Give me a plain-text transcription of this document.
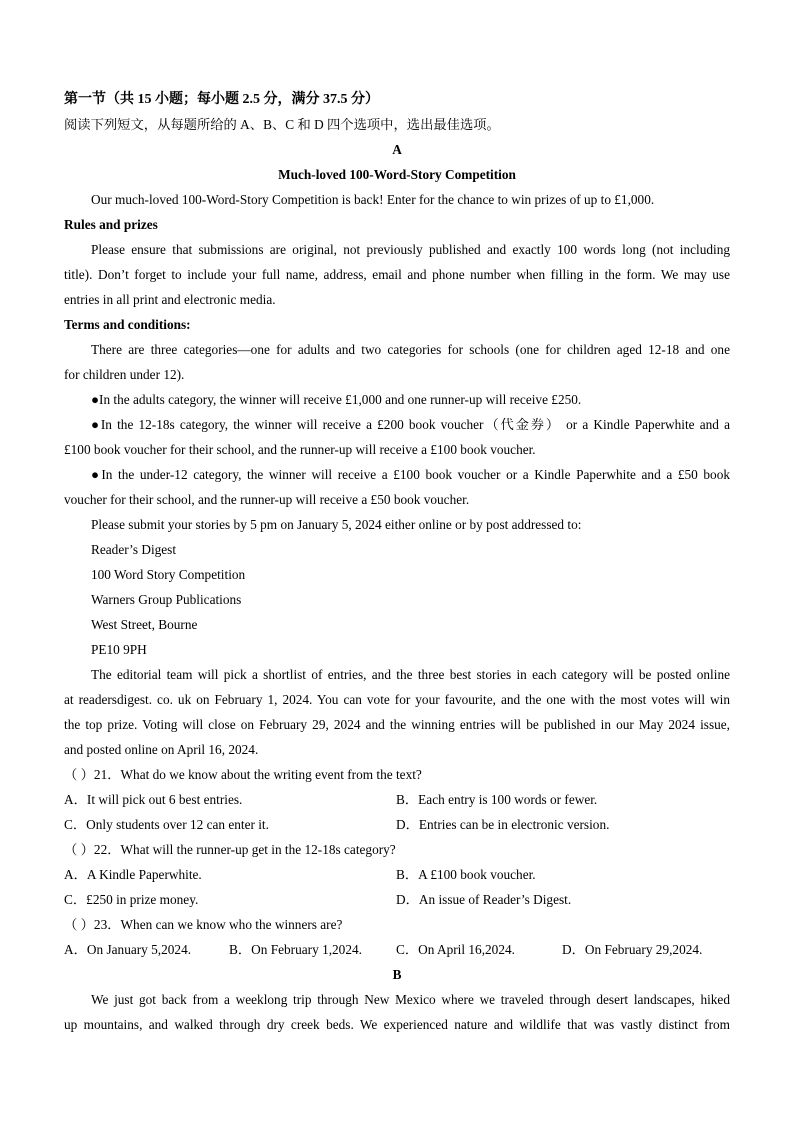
第一节（共 15 小题；每小题 2.5 分，满分 37.5 分）
阅读下列短文，从每题所给的 A、B、C 和 D 四个选项中，选出最佳选项。
A
Much-loved 100-Word-Story Competition
Our much-loved 100-Word-Story Competition is back! Enter for the chance to win prizes of up to £1,000.
Rules and prizes
Please ensure that submissions are original, not previously published and exactly 100 words long (not including
title). Don’t forget to include your full name, address, email and phone number when filling in the form. We may use
entries in all print and electronic media.
Terms and conditions:
There are three categories—one for adults and two categories for schools (one for children aged 12-18 and one
for children under 12).
●In the adults category, the winner will receive £1,000 and one runner-up will receive £250.
●In the 12-18s category, the winner will receive a £200 book voucher（代金券） or a Kindle Paperwhite and a
£100 book voucher for their school, and the runner-up will receive a £100 book voucher.
●In the under-12 category, the winner will receive a £100 book voucher or a Kindle Paperwhite and a £50 book
voucher for their school, and the runner-up will receive a £50 book voucher.
Please submit your stories by 5 pm on January 5, 2024 either online or by post addressed to:
Reader’s Digest
100 Word Story Competition
Warners Group Publications
West Street, Bourne
PE10 9PH
The editorial team will pick a shortlist of entries, and the three best stories in each category will be posted online
at readersdigest. co. uk on February 1, 2024. You can vote for your favourite, and the one with the most votes will win
the top prize. Voting will close on February 29, 2024 and the winning entries will be published in our May 2024 issue,
and posted online on April 16, 2024.
（ ）21．What do we know about the writing event from the text?
A．It will pick out 6 best entries.	B．Each entry is 100 words or fewer.
C．Only students over 12 can enter it.	D．Entries can be in electronic version.
（ ）22．What will the runner-up get in the 12-18s category?
A．A Kindle Paperwhite.	B．A £100 book voucher.
C．£250 in prize money.	D．An issue of Reader’s Digest.
（ ）23．When can we know who the winners are?
A．On January 5,2024.	B．On February 1,2024.	C．On April 16,2024.	D．On February 29,2024.
B
We just got back from a weeklong trip through New Mexico where we traveled through desert landscapes, hiked
up mountains, and walked through dry creek beds. We experienced nature and wildlife that was vastly distinct from
